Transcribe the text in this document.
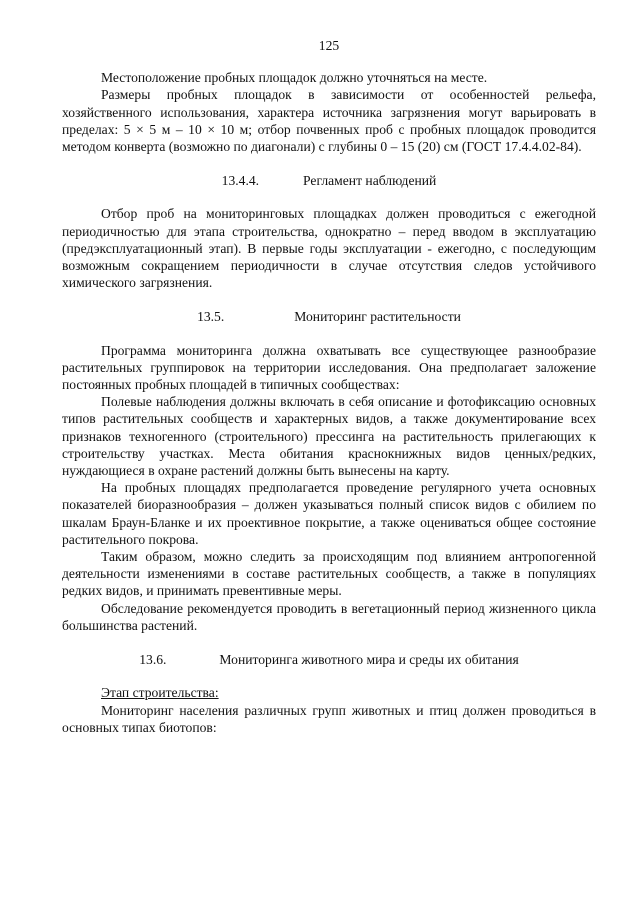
125

Местоположение пробных площадок должно уточняться на месте.

Размеры пробных площадок в зависимости от особенностей рельефа, хозяйственного использования, характера источника загрязнения могут варьировать в пределах: 5 × 5 м – 10 × 10 м; отбор почвенных проб с пробных площадок проводится методом конверта (возможно по диагонали) с глубины 0 – 15 (20) см (ГОСТ 17.4.4.02-84).

13.4.4.	Регламент наблюдений

Отбор проб на мониторинговых площадках должен проводиться с ежегодной периодичностью для этапа строительства, однократно – перед вводом в эксплуатацию (предэксплуатационный этап). В первые годы эксплуатации - ежегодно, с последующим возможным сокращением периодичности в случае отсутствия следов устойчивого химического загрязнения.

13.5.	Мониторинг растительности

Программа мониторинга должна охватывать все существующее разнообразие растительных группировок на территории исследования. Она предполагает заложение постоянных пробных площадей в типичных сообществах:

Полевые наблюдения должны включать в себя описание и фотофиксацию основных типов растительных сообществ и характерных видов, а также документирование всех признаков техногенного (строительного) прессинга на растительность прилегающих к строительству участках. Места обитания краснокнижных видов ценных/редких, нуждающиеся в охране растений должны быть вынесены на карту.

На пробных площадях предполагается проведение регулярного учета основных показателей биоразнообразия – должен указываться полный список видов с обилием по шкалам Браун-Бланке и их проективное покрытие, а также оцениваться общее состояние растительного покрова.

Таким образом, можно следить за происходящим под влиянием антропогенной деятельности изменениями в составе растительных сообществ, а также в популяциях редких видов, и принимать превентивные меры.

Обследование рекомендуется проводить в вегетационный период жизненного цикла большинства растений.

13.6.	Мониторинга животного мира и среды их обитания

Этап строительства:

Мониторинг населения различных групп животных и птиц должен проводиться в основных типах биотопов:
